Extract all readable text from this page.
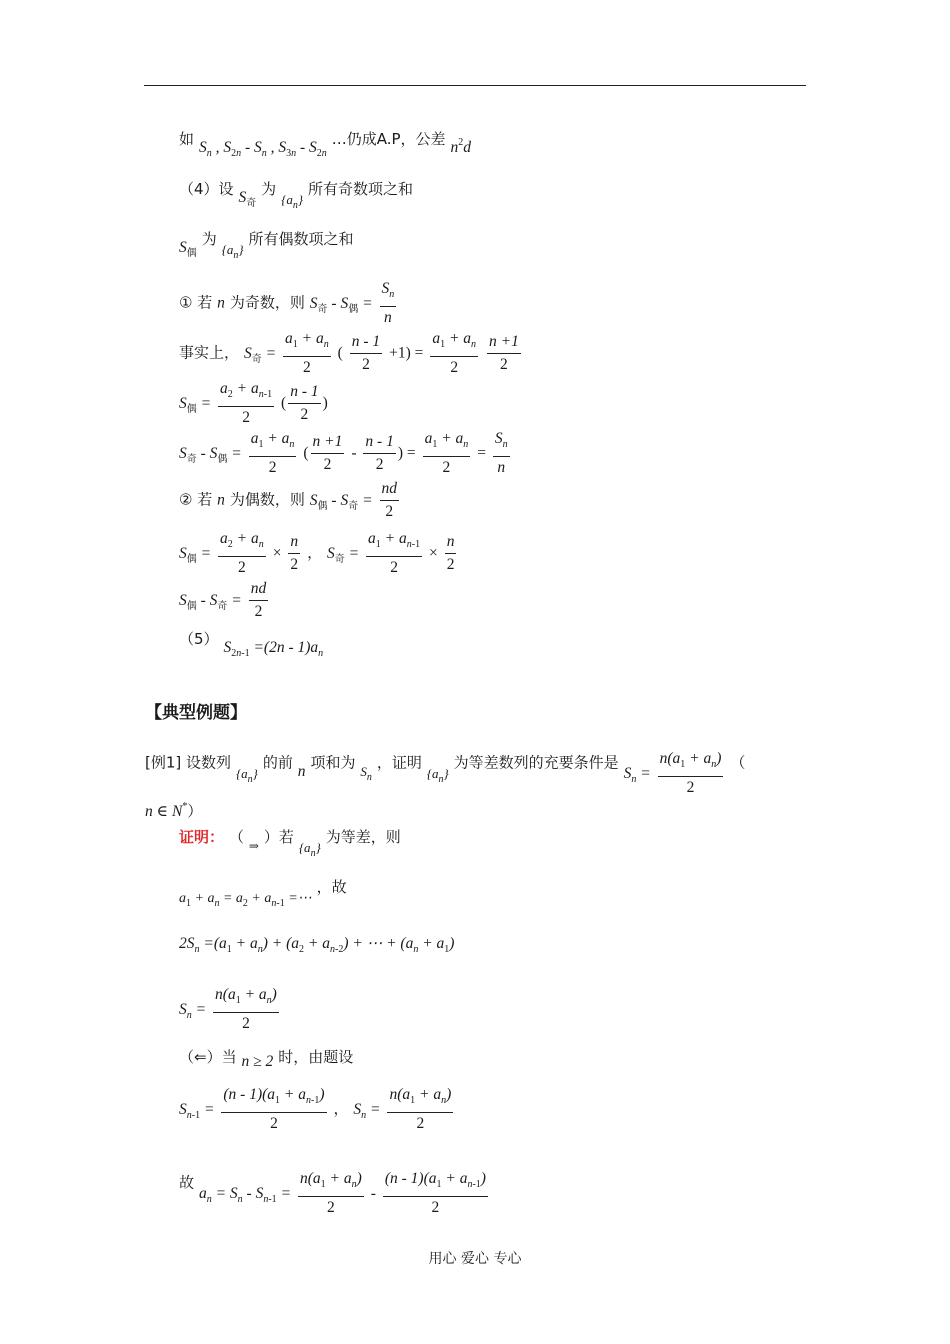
如 $S_n$ , $S_{2n} - S_n$ , $S_{3n} - S_{2n}$ …仍成A.P，公差 $n^2d$
（4）设 $S_奇$ 为 $_{\{a_n\}}$ 所有奇数项之和
$S_偶$ 为 $_{\{a_n\}}$ 所有偶数项之和
① 若 n 为奇数，则 $S_奇 - S_偶 = \frac{S_n}{n}$
事实上， $S_奇 = \frac{a_1 + a_n}{2}$ ( $\frac{n - 1}{2} +1) = \frac{a_1 + a_n}{2}$
$\frac{n +1}{2}$
$S_偶 = \frac{a_2 + a_{n-1}}{2}$ ( $\frac{n - 1}{2}$ )
$S_奇 - S_偶 = \frac{a_1 + a_n}{2}$ ( $\frac{n +1}{2} - \frac{n - 1}{2}$ ) = $\frac{a_1 + a_n}{2} = \frac{S_n}{n}$
② 若 n 为偶数，则 $S_偶 - S_奇 = \frac{nd}{2}$
$S_偶 = \frac{a_2 + a_n}{2} \times \frac{n}{2}$ ， $S_奇 = \frac{a_1 + a_{n-1}}{2} \times \frac{n}{2}$
$S_偶 - S_奇 = \frac{nd}{2}$
（5） $S_{2n-1} =(2n - 1)a_n$
【典型例题】
[例1] 设数列 $_{\{a_n\}}$ 的前 n 项和为 $_{S_n}$ ，证明 $_{\{a_n\}}$ 为等差数列的充要条件是 $S_n = \frac{n(a_1 + a_n)}{2}$ （
n ∈ N*）
证明： （ $_\Rightarrow$ ）若 $_{\{a_n\}}$ 为等差，则
$a_1 + a_n = a_2 + a_{n-1}$ =⋯ ，故
$2S_n =(a_1 + a_n) + (a_2 + a_{n-2})$ + ⋯ + $(a_n + a_1)$
$S_n = \frac{n(a_1 + a_n)}{2}$
（⇐）当 n ≥ 2 时，由题设
$S_{n-1} = \frac{(n - 1)(a_1 + a_{n-1})}{2}$ ， $S_n = \frac{n(a_1 + a_n)}{2}$
故 $a_n = S_n - S_{n-1} = \frac{n(a_1 + a_n)}{2} - \frac{(n - 1)(a_1 + a_{n-1})}{2}$
用心 爱心 专心
